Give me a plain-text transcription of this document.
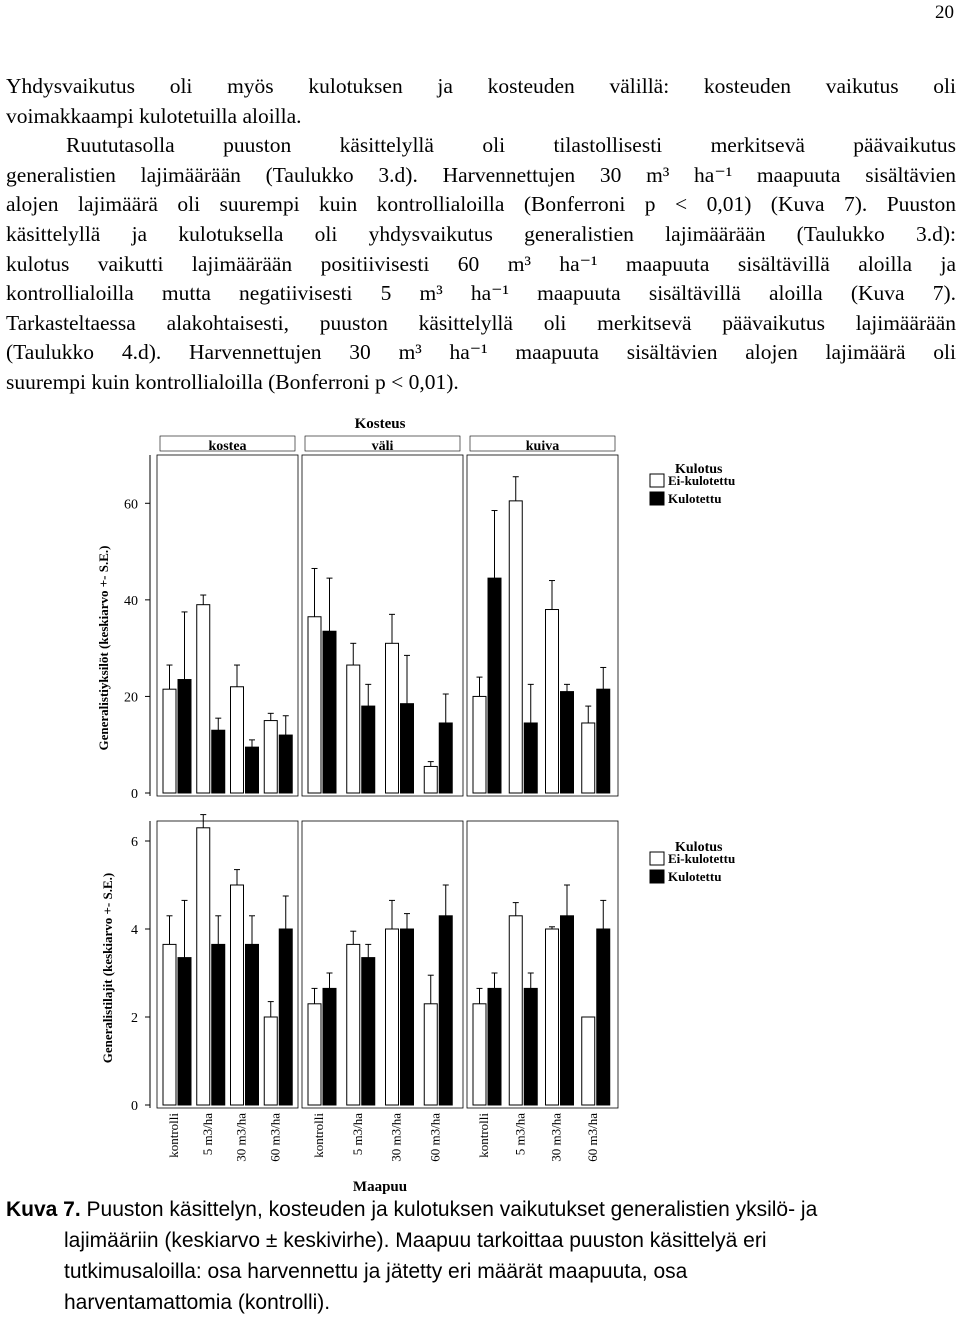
20
Yhdysvaikutus oli myös kulotuksen ja kosteuden välillä: kosteuden vaikutus oli
voimakkaampi kulotetuilla aloilla.
Ruututasolla puuston käsittelyllä oli tilastollisesti merkitsevä päävaikutus
generalistien lajimäärään (Taulukko 3.d). Harvennettujen 30 m³ ha⁻¹ maapuuta sisältävien
alojen lajimäärä oli suurempi kuin kontrollialoilla (Bonferroni p < 0,01) (Kuva 7). Puuston
käsittelyllä ja kulotuksella oli yhdysvaikutus generalistien lajimäärään (Taulukko 3.d):
kulotus vaikutti lajimäärään positiivisesti 60 m³ ha⁻¹ maapuuta sisältävillä aloilla ja
kontrollialoilla mutta negatiivisesti 5 m³ ha⁻¹ maapuuta sisältävillä aloilla (Kuva 7).
Tarkasteltaessa alakohtaisesti, puuston käsittelyllä oli merkitsevä päävaikutus lajimäärään
(Taulukko 4.d). Harvennettujen 30 m³ ha⁻¹ maapuuta sisältävien alojen lajimäärä oli
suurempi kuin kontrollialoilla (Bonferroni p < 0,01).
Kosteus
kostea	väli	kuiva
0
20
40
60
Generalistiyksilöt (keskiarvo +- S.E.)
Kulotus
Ei-kulotettu
Kulotettu
0
2
4
6
Generalistilajit (keskiarvo +- S.E.)
kontrolli 5 m3/ha 30 m3/ha 60 m3/ha kontrolli 5 m3/ha 30 m3/ha 60 m3/ha	kontrolli 5 m3/ha 30 m3/ha 60 m3/ha
Kulotus
Ei-kulotettu
Kulotettu
Maapuu

Kuva 7. Puuston käsittelyn, kosteuden ja kulotuksen vaikutukset generalistien yksilö- ja
lajimääriin (keskiarvo ± keskivirhe). Maapuu tarkoittaa puuston käsittelyä eri
tutkimusaloilla: osa harvennettu ja jätetty eri määrät maapuuta, osa
harventamattomia (kontrolli).
